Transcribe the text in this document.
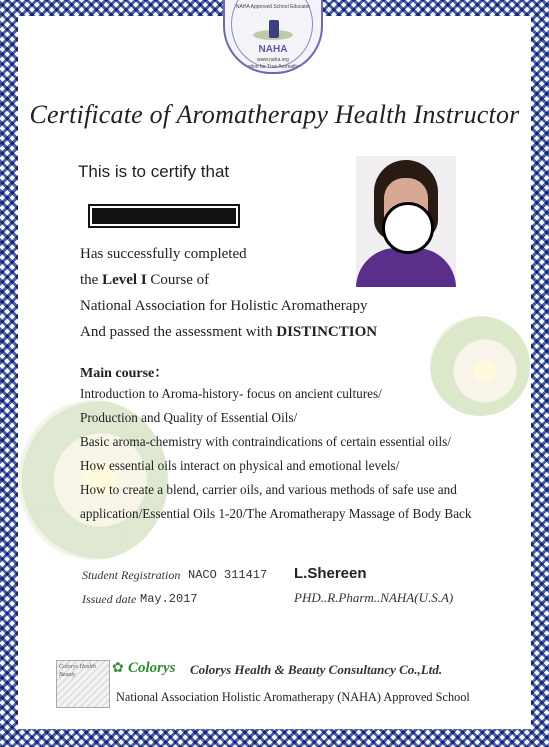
NAHA Approved School Educator
NAHA
www.naha.org
Education for True Aromatherapy
Certificate of Aromatherapy Health Instructor
This is to certify that
Has successfully completed
the Level I Course of
National Association for Holistic Aromatherapy
And passed the assessment with DISTINCTION
Main course：
Introduction to Aroma-history- focus on ancient cultures/
Production and Quality of Essential Oils/
Basic aroma-chemistry with contraindications of certain essential oils/
How essential oils interact on physical and emotional levels/
How to create a blend, carrier oils, and various methods of safe use and
application/Essential Oils 1-20/The Aromatherapy Massage of Body Back
Student Registration NACO 311417
Issued date May.2017
L.Shereen
PHD..R.Pharm..NAHA(U.S.A)
Colorys Health Beauty	✿ Colorys Colorys Health & Beauty Consultancy Co.,Ltd.
National Association Holistic Aromatherapy (NAHA) Approved School
